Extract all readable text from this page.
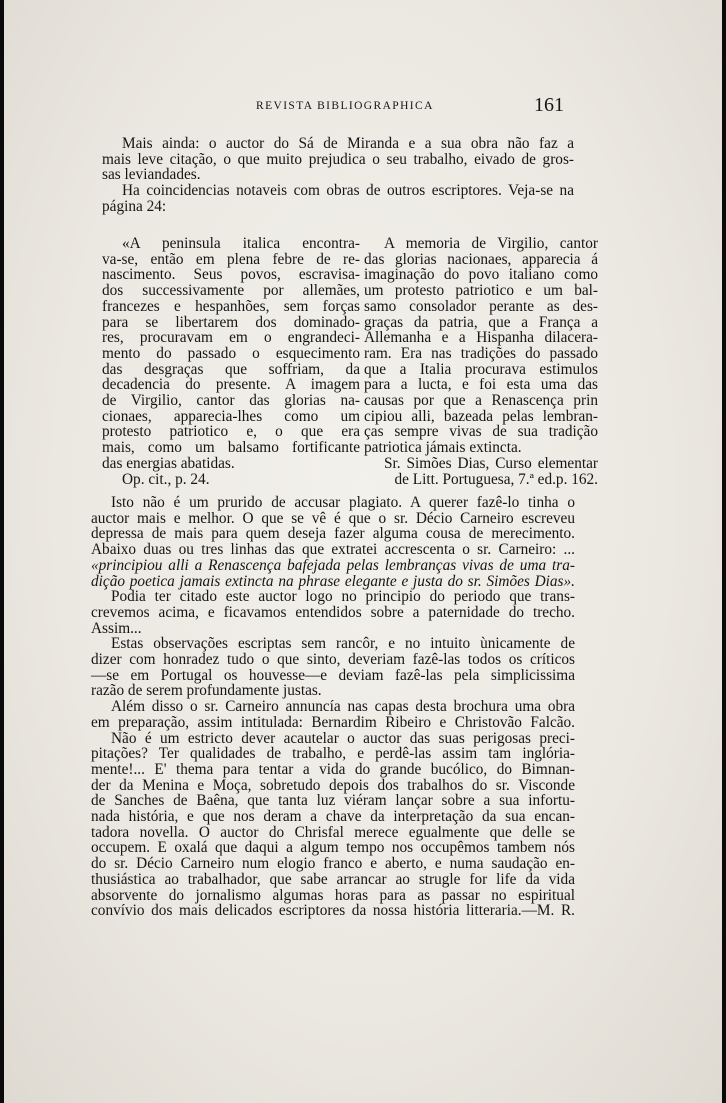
REVISTA BIBLIOGRAPHICA	161
Mais ainda: o auctor do Sá de Miranda e a sua obra não faz a
mais leve citação, o que muito prejudica o seu trabalho, eivado de gros-
sas leviandades.
Ha coincidencias notaveis com obras de outros escriptores. Veja-se na
página 24:
«A peninsula italica encontra-
va-se, então em plena febre de re-
nascimento. Seus povos, escravisa-
dos successivamente por allemães,
francezes e hespanhões, sem forças
para se libertarem dos dominado-
res, procuravam em o engrandeci-
mento do passado o esquecimento
das desgraças que soffriam, da
decadencia do presente. A imagem
de Virgilio, cantor das glorias na-
cionaes, apparecia-lhes como um
protesto patriotico e, o que era
mais, como um balsamo fortificante
das energias abatidas.
Op. cit., p. 24.
A memoria de Virgilio, cantor
das glorias nacionaes, apparecia á
imaginação do povo italiano como
um protesto patriotico e um bal-
samo consolador perante as des-
graças da patria, que a França a
Allemanha e a Hispanha dilacera-
ram. Era nas tradições do passado
que a Italia procurava estimulos
para a lucta, e foi esta uma das
causas por que a Renascença prin
cipiou alli, bazeada pelas lembran-
ças sempre vivas de sua tradição
patriotica jámais extincta.
Sr. Simões Dias, Curso elementar
de Litt. Portuguesa, 7.ª ed.p. 162.
Isto não é um prurido de accusar plagiato. A querer fazê-lo tinha o
auctor mais e melhor. O que se vê é que o sr. Décio Carneiro escreveu
depressa de mais para quem deseja fazer alguma cousa de merecimento.
Abaixo duas ou tres linhas das que extratei accrescenta o sr. Carneiro: ...
«principiou alli a Renascença bafejada pelas lembranças vivas de uma tra-
dição poetica jamais extincta na phrase elegante e justa do sr. Simões Dias».
Podia ter citado este auctor logo no principio do periodo que trans-
crevemos acima, e ficavamos entendidos sobre a paternidade do trecho.
Assim...
Estas observações escriptas sem rancôr, e no intuito ùnicamente de
dizer com honradez tudo o que sinto, deveriam fazê-las todos os críticos
—se em Portugal os houvesse—e deviam fazê-las pela simplicissima
razão de serem profundamente justas.
Além disso o sr. Carneiro annuncía nas capas desta brochura uma obra
em preparação, assim intitulada: Bernardim Ribeiro e Christovão Falcão.
Não é um estricto dever acautelar o auctor das suas perigosas preci-
pitações? Ter qualidades de trabalho, e perdê-las assim tam inglória-
mente!... E' thema para tentar a vida do grande bucólico, do Bimnan-
der da Menina e Moça, sobretudo depois dos trabalhos do sr. Visconde
de Sanches de Baêna, que tanta luz viéram lançar sobre a sua infortu-
nada história, e que nos deram a chave da interpretação da sua encan-
tadora novella. O auctor do Chrisfal merece egualmente que delle se
occupem. E oxalá que daqui a algum tempo nos occupêmos tambem nós
do sr. Décio Carneiro num elogio franco e aberto, e numa saudação en-
thusiástica ao trabalhador, que sabe arrancar ao strugle for life da vida
absorvente do jornalismo algumas horas para as passar no espiritual
convívio dos mais delicados escriptores da nossa história litteraria.—M. R.
